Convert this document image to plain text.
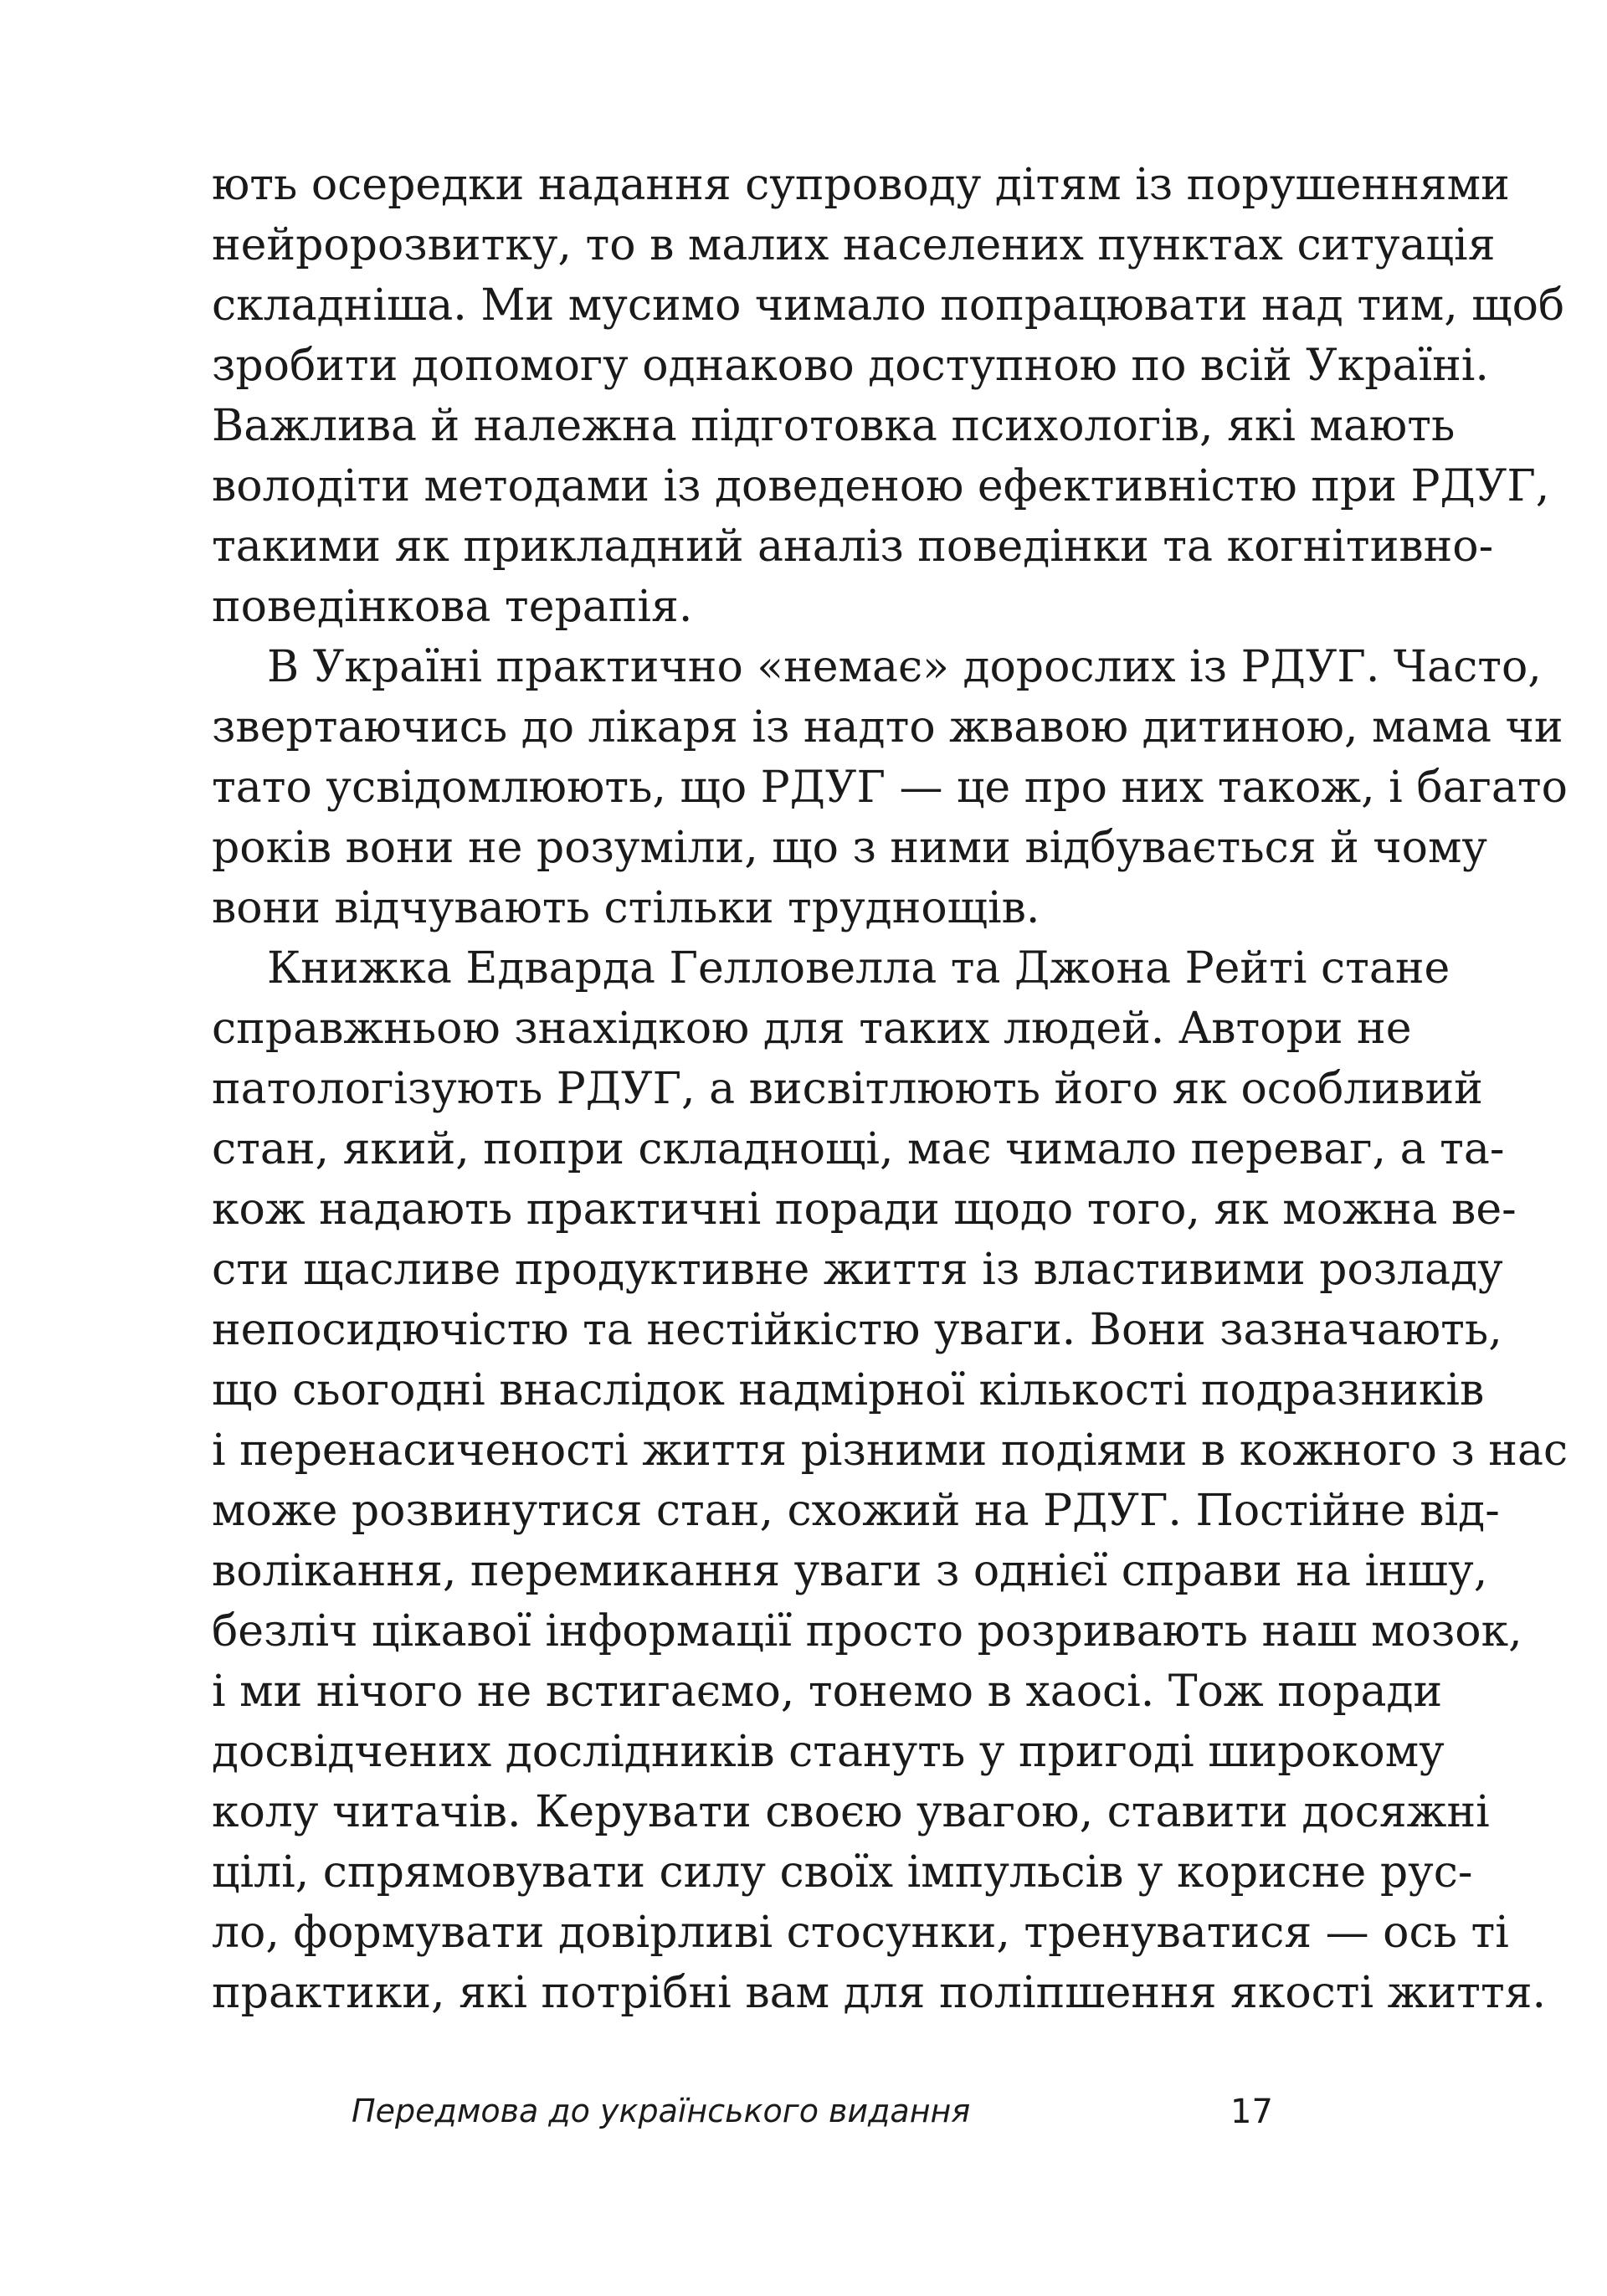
ють осередки надання супроводу дітям із порушеннями
нейророзвитку, то в малих населених пунктах ситуація
складніша. Ми мусимо чималo попрацювати над тим, щоб
зробити допомогу однаково доступною по всій Україні.
Важлива й належна підготовка психологів, які мають
володіти методами із доведеною ефективністю при РДУГ,
такими як прикладний аналіз поведінки та когнітивно-
поведінкова терапія.
В Україні практично «немає» дорослих із РДУГ. Часто,
звертаючись до лікаря із надто жвавою дитиною, мама чи
тато усвідомлюють, що РДУГ — це про них також, і багато
років вони не розуміли, що з ними відбувається й чому
вони відчувають стільки труднощів.
Книжка Едварда Гелловелла та Джона Рейті стане
справжньою знахідкою для таких людей. Автори не
патологізують РДУГ, а висвітлюють його як особливий
стан, який, попри складнощі, має чимало переваг, а та-
кож надають практичні поради щодо того, як можна ве-
сти щасливе продуктивне життя із властивими розладу
непосидючістю та нестійкістю уваги. Вони зазначають,
що сьогодні внаслідок надмірної кількості подразників
і перенасиченості життя різними подіями в кожного з нас
може розвинутися стан, схожий на РДУГ. Постійне від-
волікання, перемикання уваги з однієї справи на іншу,
безліч цікавої інформації просто розривають наш мозок,
і ми нічого не встигаємо, тонемо в хаосі. Тож поради
досвідчених дослідників стануть у пригоді широкому
колу читачів. Керувати своєю увагою, ставити досяжні
цілі, спрямовувати силу своїх імпульсів у корисне рус-
ло, формувати довірливі стосунки, тренуватися — ось ті
практики, які потрібні вам для поліпшення якості життя.
Передмова до українського видання	17
